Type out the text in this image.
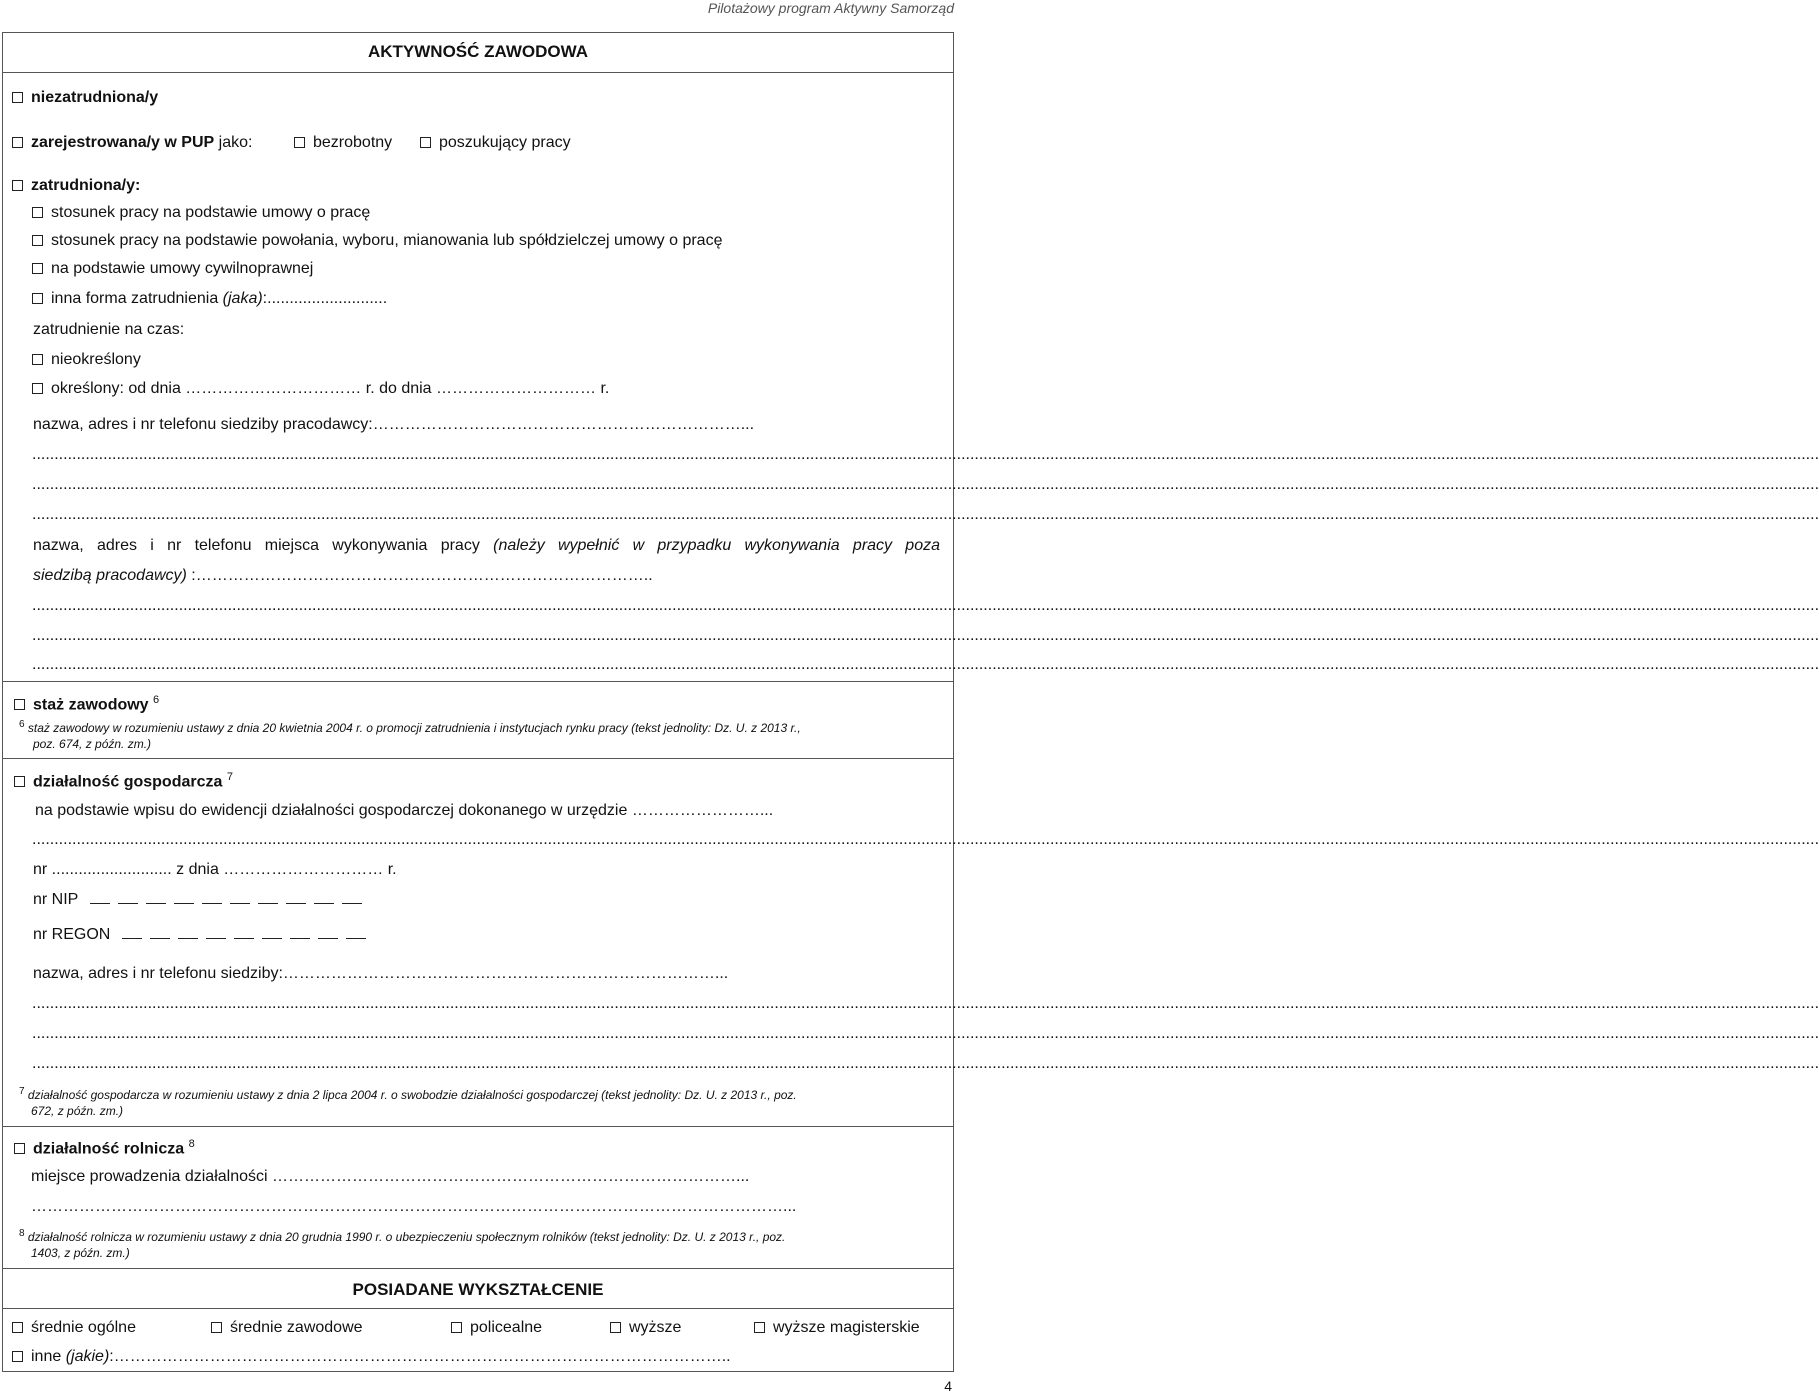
Pilotażowy program Aktywny Samorząd
AKTYWNOŚĆ ZAWODOWA
niezatrudniona/y
zarejestrowana/y w PUP jako:	bezrobotny	poszukujący pracy
zatrudniona/y:
stosunek pracy na podstawie umowy o pracę
stosunek pracy na podstawie powołania, wyboru, mianowania lub spółdzielczej umowy o pracę
na podstawie umowy cywilnoprawnej
inna forma zatrudnienia (jaka):...........................
zatrudnienie na czas:
nieokreślony
określony: od dnia …………………………… r. do dnia ………………………… r.
nazwa, adres i nr telefonu siedziby pracodawcy:……………………………………………………………...
..................................................................................................................................................................................................................................................................................................................................................................................................................
..................................................................................................................................................................................................................................................................................................................................................................................................................
..................................................................................................................................................................................................................................................................................................................................................................................................................
nazwa, adres i nr telefonu miejsca wykonywania pracy (należy wypełnić w przypadku wykonywania pracy poza
siedzibą pracodawcy) :…………………………………………………………………………..
..................................................................................................................................................................................................................................................................................................................................................................................................................
..................................................................................................................................................................................................................................................................................................................................................................................................................
..................................................................................................................................................................................................................................................................................................................................................................................................................
staż zawodowy $^6$
$^6$ staż zawodowy w rozumieniu ustawy z dnia 20 kwietnia 2004 r. o promocji zatrudnienia i instytucjach rynku pracy (tekst jednolity: Dz. U. z 2013 r.,
poz. 674, z późn. zm.)
działalność gospodarcza $^7$
na podstawie wpisu do ewidencji działalności gospodarczej dokonanego w urzędzie ……………………...
..................................................................................................................................................................................................................................................................................................................................................................................................................
nr ........................... z dnia ………………………… r.
nr NIP
nr REGON
nazwa, adres i nr telefonu siedziby:………………………………………………………………………...
..................................................................................................................................................................................................................................................................................................................................................................................................................
..................................................................................................................................................................................................................................................................................................................................................................................................................
..................................................................................................................................................................................................................................................................................................................................................................................................................
$^7$ działalność gospodarcza w rozumieniu ustawy z dnia 2 lipca 2004 r. o swobodzie działalności gospodarczej (tekst jednolity: Dz. U. z 2013 r., poz.
672, z późn. zm.)
działalność rolnicza $^8$
miejsce prowadzenia działalności ……………………………………………………………………………...
……………………………………………………………………………………………………………………………...
$^8$ działalność rolnicza w rozumieniu ustawy z dnia 20 grudnia 1990 r. o ubezpieczeniu społecznym rolników (tekst jednolity: Dz. U. z 2013 r., poz.
1403, z późn. zm.)
POSIADANE WYKSZTAŁCENIE
średnie ogólne	średnie zawodowe	policealne	wyższe	wyższe magisterskie
inne (jakie):……………………………………………………………………………………………………..
4
